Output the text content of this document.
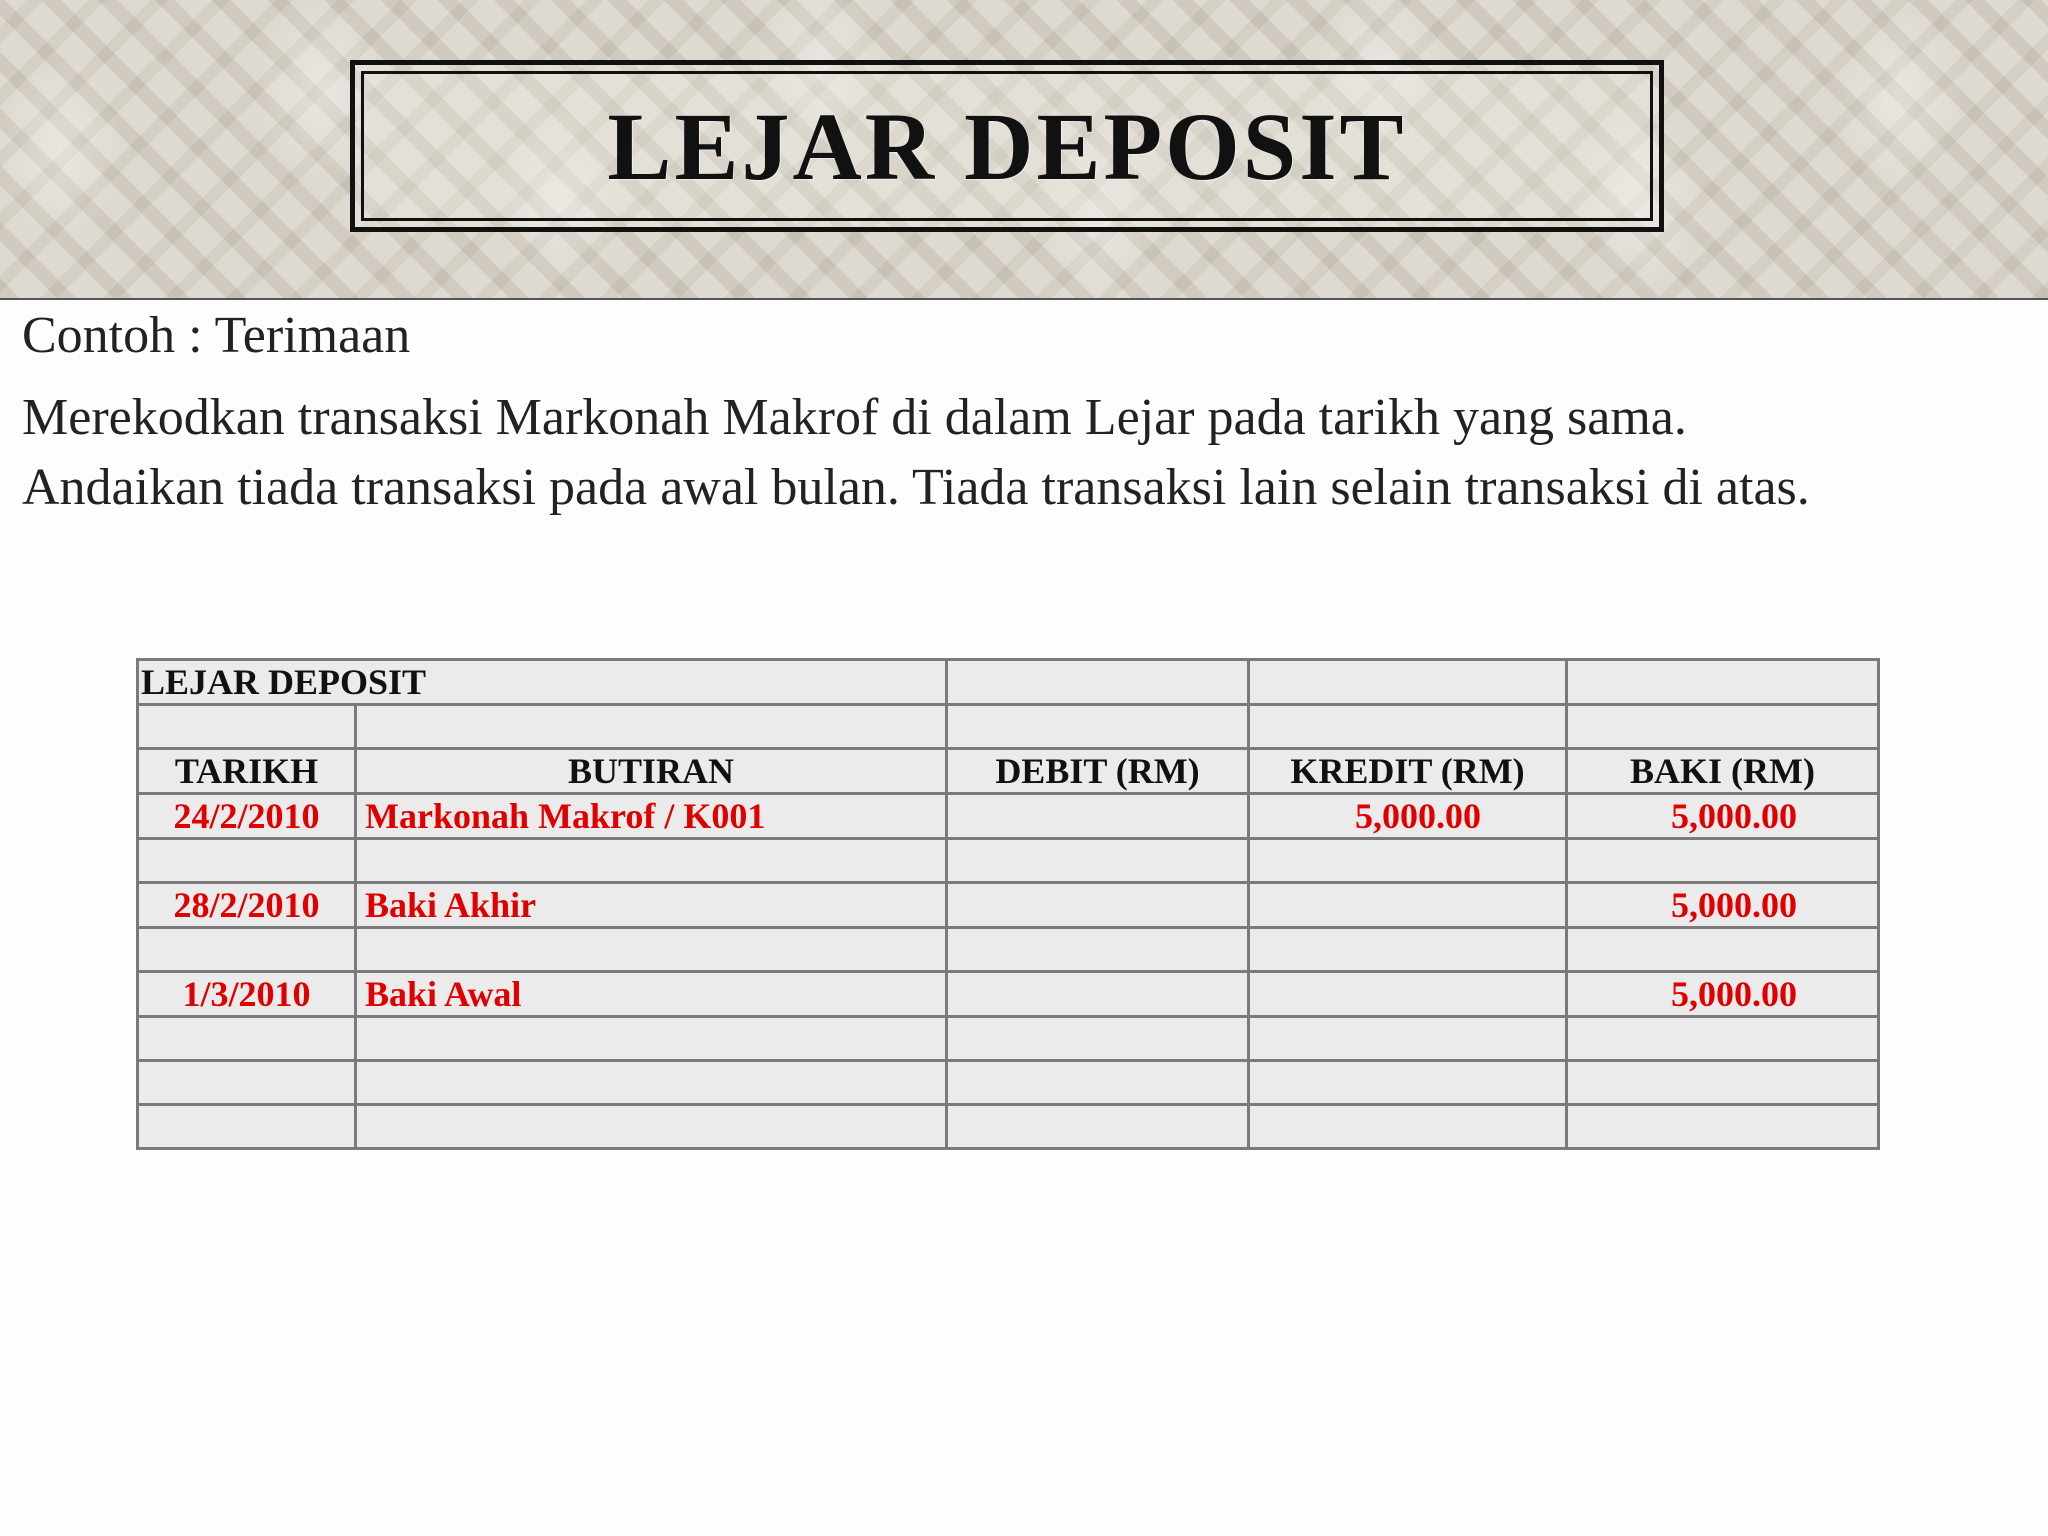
LEJAR DEPOSIT
Contoh : Terimaan
Merekodkan transaksi Markonah Makrof di dalam Lejar pada tarikh yang sama.
Andaikan tiada transaksi pada awal bulan. Tiada transaksi lain selain transaksi di atas.
LEJAR DEPOSIT				

TARIKH	BUTIRAN	DEBIT (RM)	KREDIT (RM)	BAKI (RM)
24/2/2010	Markonah Makrof / K001		5,000.00	5,000.00

28/2/2010	Baki Akhir			5,000.00

1/3/2010	Baki Awal			5,000.00
